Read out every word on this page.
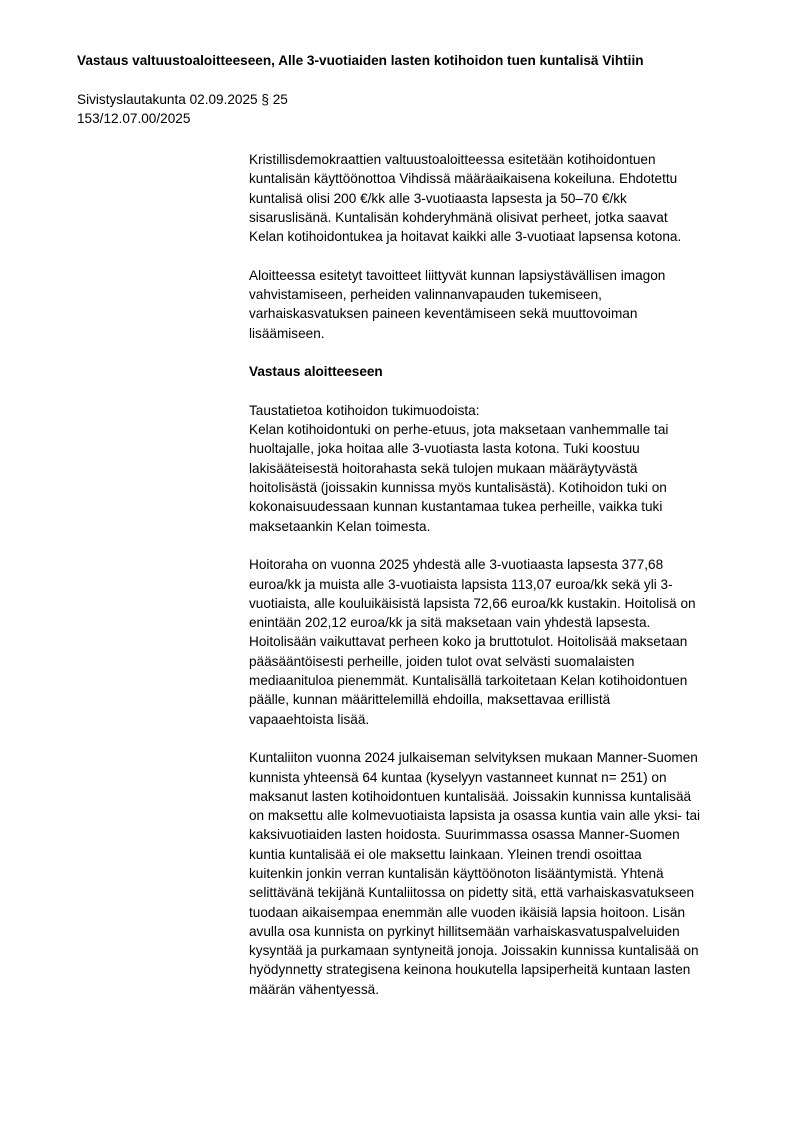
Vastaus valtuustoaloitteeseen, Alle 3-vuotiaiden lasten kotihoidon tuen kuntalisä Vihtiin
Sivistyslautakunta 02.09.2025 § 25
153/12.07.00/2025
Kristillisdemokraattien valtuustoaloitteessa esitetään kotihoidontuen
kuntalisän käyttöönottoa Vihdissä määräaikaisena kokeiluna. Ehdotettu
kuntalisä olisi 200 €/kk alle 3-vuotiaasta lapsesta ja 50–70 €/kk
sisaruslisänä. Kuntalisän kohderyhmänä olisivat perheet, jotka saavat
Kelan kotihoidontukea ja hoitavat kaikki alle 3-vuotiaat lapsensa kotona.
Aloitteessa esitetyt tavoitteet liittyvät kunnan lapsiystävällisen imagon
vahvistamiseen, perheiden valinnanvapauden tukemiseen,
varhaiskasvatuksen paineen keventämiseen sekä muuttovoiman
lisäämiseen.
Vastaus aloitteeseen
Taustatietoa kotihoidon tukimuodoista:
Kelan kotihoidontuki on perhe-etuus, jota maksetaan vanhemmalle tai
huoltajalle, joka hoitaa alle 3-vuotiasta lasta kotona. Tuki koostuu
lakisääteisestä hoitorahasta sekä tulojen mukaan määräytyvästä
hoitolisästä (joissakin kunnissa myös kuntalisästä). Kotihoidon tuki on
kokonaisuudessaan kunnan kustantamaa tukea perheille, vaikka tuki
maksetaankin Kelan toimesta.
Hoitoraha on vuonna 2025 yhdestä alle 3-vuotiaasta lapsesta 377,68
euroa/kk ja muista alle 3-vuotiaista lapsista 113,07 euroa/kk sekä yli 3-
vuotiaista, alle kouluikäisistä lapsista 72,66 euroa/kk kustakin. Hoitolisä on
enintään 202,12 euroa/kk ja sitä maksetaan vain yhdestä lapsesta.
Hoitolisään vaikuttavat perheen koko ja bruttotulot. Hoitolisää maksetaan
pääsääntöisesti perheille, joiden tulot ovat selvästi suomalaisten
mediaanituloa pienemmät. Kuntalisällä tarkoitetaan Kelan kotihoidontuen
päälle, kunnan määrittelemillä ehdoilla, maksettavaa erillistä
vapaaehtoista lisää.
Kuntaliiton vuonna 2024 julkaiseman selvityksen mukaan Manner-Suomen
kunnista yhteensä 64 kuntaa (kyselyyn vastanneet kunnat n= 251) on
maksanut lasten kotihoidontuen kuntalisää. Joissakin kunnissa kuntalisää
on maksettu alle kolmevuotiaista lapsista ja osassa kuntia vain alle yksi- tai
kaksivuotiaiden lasten hoidosta. Suurimmassa osassa Manner-Suomen
kuntia kuntalisää ei ole maksettu lainkaan. Yleinen trendi osoittaa
kuitenkin jonkin verran kuntalisän käyttöönoton lisääntymistä. Yhtenä
selittävänä tekijänä Kuntaliitossa on pidetty sitä, että varhaiskasvatukseen
tuodaan aikaisempaa enemmän alle vuoden ikäisiä lapsia hoitoon. Lisän
avulla osa kunnista on pyrkinyt hillitsemään varhaiskasvatuspalveluiden
kysyntää ja purkamaan syntyneitä jonoja. Joissakin kunnissa kuntalisää on
hyödynnetty strategisena keinona houkutella lapsiperheitä kuntaan lasten
määrän vähentyessä.
